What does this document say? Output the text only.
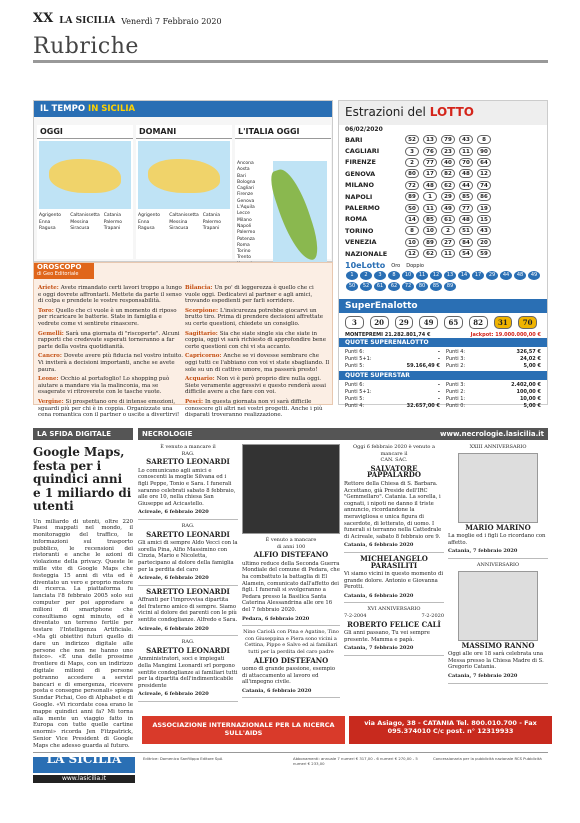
XX LA SICILIA Venerdì 7 Febbraio 2020
Rubriche
IL TEMPO IN SICILIA
OGGI
Agrigento	Caltanissetta Catania
Enna	Messina	Palermo
Ragusa	Siracusa	Trapani
DOMANI
Agrigento	Caltanissetta Catania
Enna	Messina	Palermo
Ragusa	Siracusa	Trapani
L'ITALIA OGGI
Ancona
Aosta
Bari
Bologna
Cagliari
Firenze
Genova
L'Aquila
Lecce
Milano
Napoli
Palermo
Potenza
Roma
Torino
Trento
OROSCOPO
di Geo Editoriale

Ariete: Avete rimandato certi lavori troppo a lungo e oggi dovrete affrontarli. Mettete da parte il senso di colpa e prendete le vostre responsabilità.

Toro: Quello che ci vuole è un momento di riposo per ricaricare le batterie. State in famiglia e vedrete come vi sentirete rinascere.

Gemelli: Sarà una giornata di "riscoperte". Alcuni rapporti che credevate superati torneranno a far parte della vostra quotidianità.

Cancro: Dovete avere più fiducia nel vostro intuito. Vi inviterà a decisioni importanti, anche se avete paura.

Leone: Occhio al portafoglio! Lo shopping può aiutare a mandare via la malinconia, ma se esagerate vi ritroverete con le tasche vuote.

Vergine: Si prospettano ore di intense emozioni, sguardi più per chi è in coppia. Organizzate una cena romantica con il partner o uscite a divertirvi!

Bilancia: Un po' di leggerezza è quello che ci vuole oggi. Dedicatevi al partner e agli amici, trovando espedienti per farli sorridere.

Scorpione: L'insicurezza potrebbe giocarvi un brutto tiro. Prima di prendere decisioni affrettate su certe questioni, chiedete un consiglio.

Sagittario: Sia che siate single sia che siate in coppia, oggi vi sarà richiesto di approfondire bene certe questioni con chi vi sta accanto.

Capricorno: Anche se vi dovesse sembrare che oggi tutti ce l'abbiano con voi vi state sbagliando. Il sole su un di cattivo umore, ma passerà presto!

Acquario: Non vi è però proprio dire nulla oggi. Siete veramente aggressivi e questo renderà assai difficile avere a che fare con voi.

Pesci: In questa giornata non vi sarà difficile conoscere gli altri nei vostri progetti. Anche i più disparati troveranno realizzazione.

Estrazioni del LOTTO
06/02/2020
BARI	52	13	79	43	8
CAGLIARI	3	76	23	11	90
FIRENZE	2	77	40	70	64
GENOVA	80	17	82	48	12
MILANO	72	48	62	44	74
NAPOLI	89	1	29	85	86
PALERMO	50	11	49	77	19
ROMA	14	85	61	48	15
TORINO	8	10	2	51	43
VENEZIA	10	89	27	84	20
NAZIONALE	12	62	11	54	59
10eLotto Oro Doppio
1 2 3 8 10 11 12 13 14 17 29 44 48 4950 52 61 62 72 80 85 89
SuperEnalotto
3	20	29	49	65	82	31	70
MONTEPREMI 21.282.801,74 €	Jackpot: 19.000.000,00 €
QUOTE SUPERENALOTTO
Punti 6:	- Punti 4:	326,57 €
Punti 5+1:	- Punti 3:	24,02 €
Punti 5:	59.166,49 € Punti 2:	5,00 €
QUOTE SUPERSTAR
Punti 6:	- Punti 3:	2.402,00 €
Punti 5+1:	- Punti 2:	100,00 €
Punti 5:	- Punti 1:	10,00 €
Punti 4:	32.657,00 € Punti 0:	5,00 €
LA SFIDA DIGITALE
Google Maps, festa per i quindici anni e 1 miliardo di utenti
Un miliardo di utenti, oltre 220 Paesi mappati nel mondo, il monitoraggio del traffico, le informazioni sul trasporto pubblico, le recensioni dei ristoranti e anche le azioni di violazione della privacy. Queste le mille vite di Google Maps che festeggia 15 anni di vita ed è diventato un vero e proprio motore di ricerca. La piattaforma fu lanciata l'8 febbraio 2005 solo sui computer per poi approdare a milioni di smartphone che consultiamo ogni minuto, ed è diventato un terreno fertile per testare l'Intelligenza Artificiale. «Ma gli obiettivi futuri quello di dare un indirizzo digitale alle persone che non ne hanno uno fisico». «E una delle prossime frontiere di Maps, con un indirizzo digitale milioni di persone potranno accedere a servizi bancari e di emergenza, ricevere posta e consegne personali» spiega Sundar Pichai, Ceo di Alphabet e di Google. «Vi ricordate cosa erano le mappe quindici anni fa? Mi torna alla mente un viaggio fatto in Europa con tutte quelle cartine enormi» ricorda Jen Fitzpatrick, Senior Vice President di Google Maps che adesso guarda al futuro.
NECROLOGIE	www.necrologie.lasicilia.it
È venuto a mancare il
RAG.
SARETTO LEONARDI
Lo comunicano agli amici e conoscenti la moglie Silvana ed i figli Peppe, Tonio e Sara. I funerali saranno celebrati sabato 8 febbraio, alle ore 10, nella chiesa San Giuseppe ad Acicastello.
Acireale, 6 febbraio 2020
RAG.
SARETTO LEONARDI
Gli amici di sempre Aldo Vecci con la sorella Pina, Alfio Massimino con Cinzia, Mario e Nicoletta, partecipano al dolore della famiglia per la perdita del caro
Acireale, 6 febbraio 2020
SARETTO LEONARDI
Affranti per l'improvvisa dipartita del fraterno amico di sempre. Siamo vicini al dolore dei parenti con le più sentite condoglianze. Alfredo e Sara.
Acireale, 6 febbraio 2020
RAG.
SARETTO LEONARDI
Amministratori, soci e impiegati della Mangimi Leonardi srl porgono sentite condoglianze ai familiari tutti per la dipartita dell'indimenticabile presidente
Acireale, 6 febbraio 2020
È venuto a mancare
di anni 100
ALFIO DISTEFANO
ultimo reduce della Seconda Guerra Mondiale del comune di Pedara, che ha combattuto la battaglia di El Alamein, comunicato dall'affetto dei figli. I funerali si svolgeranno a Pedara presso la Basilica Santa Caterina Alessandrina alle ore 16 del 7 febbraio 2020.
Pedara, 6 febbraio 2020
Nino Cariolà con Pina e Agatino, Tino con Giuseppina e Piera sono vicini a Cettina, Pippo e Salvo ed ai familiari tutti per la perdita del caro padre
ALFIO DISTEFANO
uomo di grande passione, esempio di attaccamento al lavoro ed all'impegno civile.
Catania, 6 febbraio 2020
Oggi 6 febbraio 2020 è venuto a mancare il
CAN. SAC.
SALVATORE PAPPALARDO
Rettore della Chiesa di S. Barbara. Accettano, già Preside dell'IRC "Gemmellaro". Catania. La sorella, i cognati, i nipoti ne danno il triste annuncio, ricordandone la meravigliosa e unica figura di sacerdote, di letterato, di uomo. I funerali si terranno nella Cattedrale di Acireale, sabato 8 febbraio ore 9.
Catania, 6 febbraio 2020
MICHELANGELO PARASILITI
Vi siamo vicini in questo momento di grande dolore. Antonio e Giovanna Perotti.
Catania, 6 febbraio 2020
XVI ANNIVERSARIO
7-2-2004	7-2-2020
ROBERTO FELICE CALÌ
Gli anni passano, Tu vei sempre presente. Mamma e papà.
Catania, 7 febbraio 2020
XXIII ANNIVERSARIO
MARIO MARINO
La moglie ed i figli Lo ricordano con affetto.
Catania, 7 febbraio 2020
ANNIVERSARIO
MASSIMO RANNO
Oggi alle ore 18 sarà celebrata una Messa presso la Chiesa Madre di S. Gregorio Catania.
Catania, 7 febbraio 2020
ASSOCIAZIONE INTERNAZIONALE PER LA RICERCA SULL'AIDS
via Asiago, 38 - CATANIA Tel. 800.010.700 - Fax 095.374010 C/c post. n° 12319933
LA SICILIA
www.lasicilia.it
Editrice: Domenico Sanfilippo Editore SpA	Abbonamenti: annuale 7 numeri € 317,00 - 6 numeri € 270,00 - 5 numeri € 233,00
Concessionaria per la pubblicità nazionale RCS Pubblicità
